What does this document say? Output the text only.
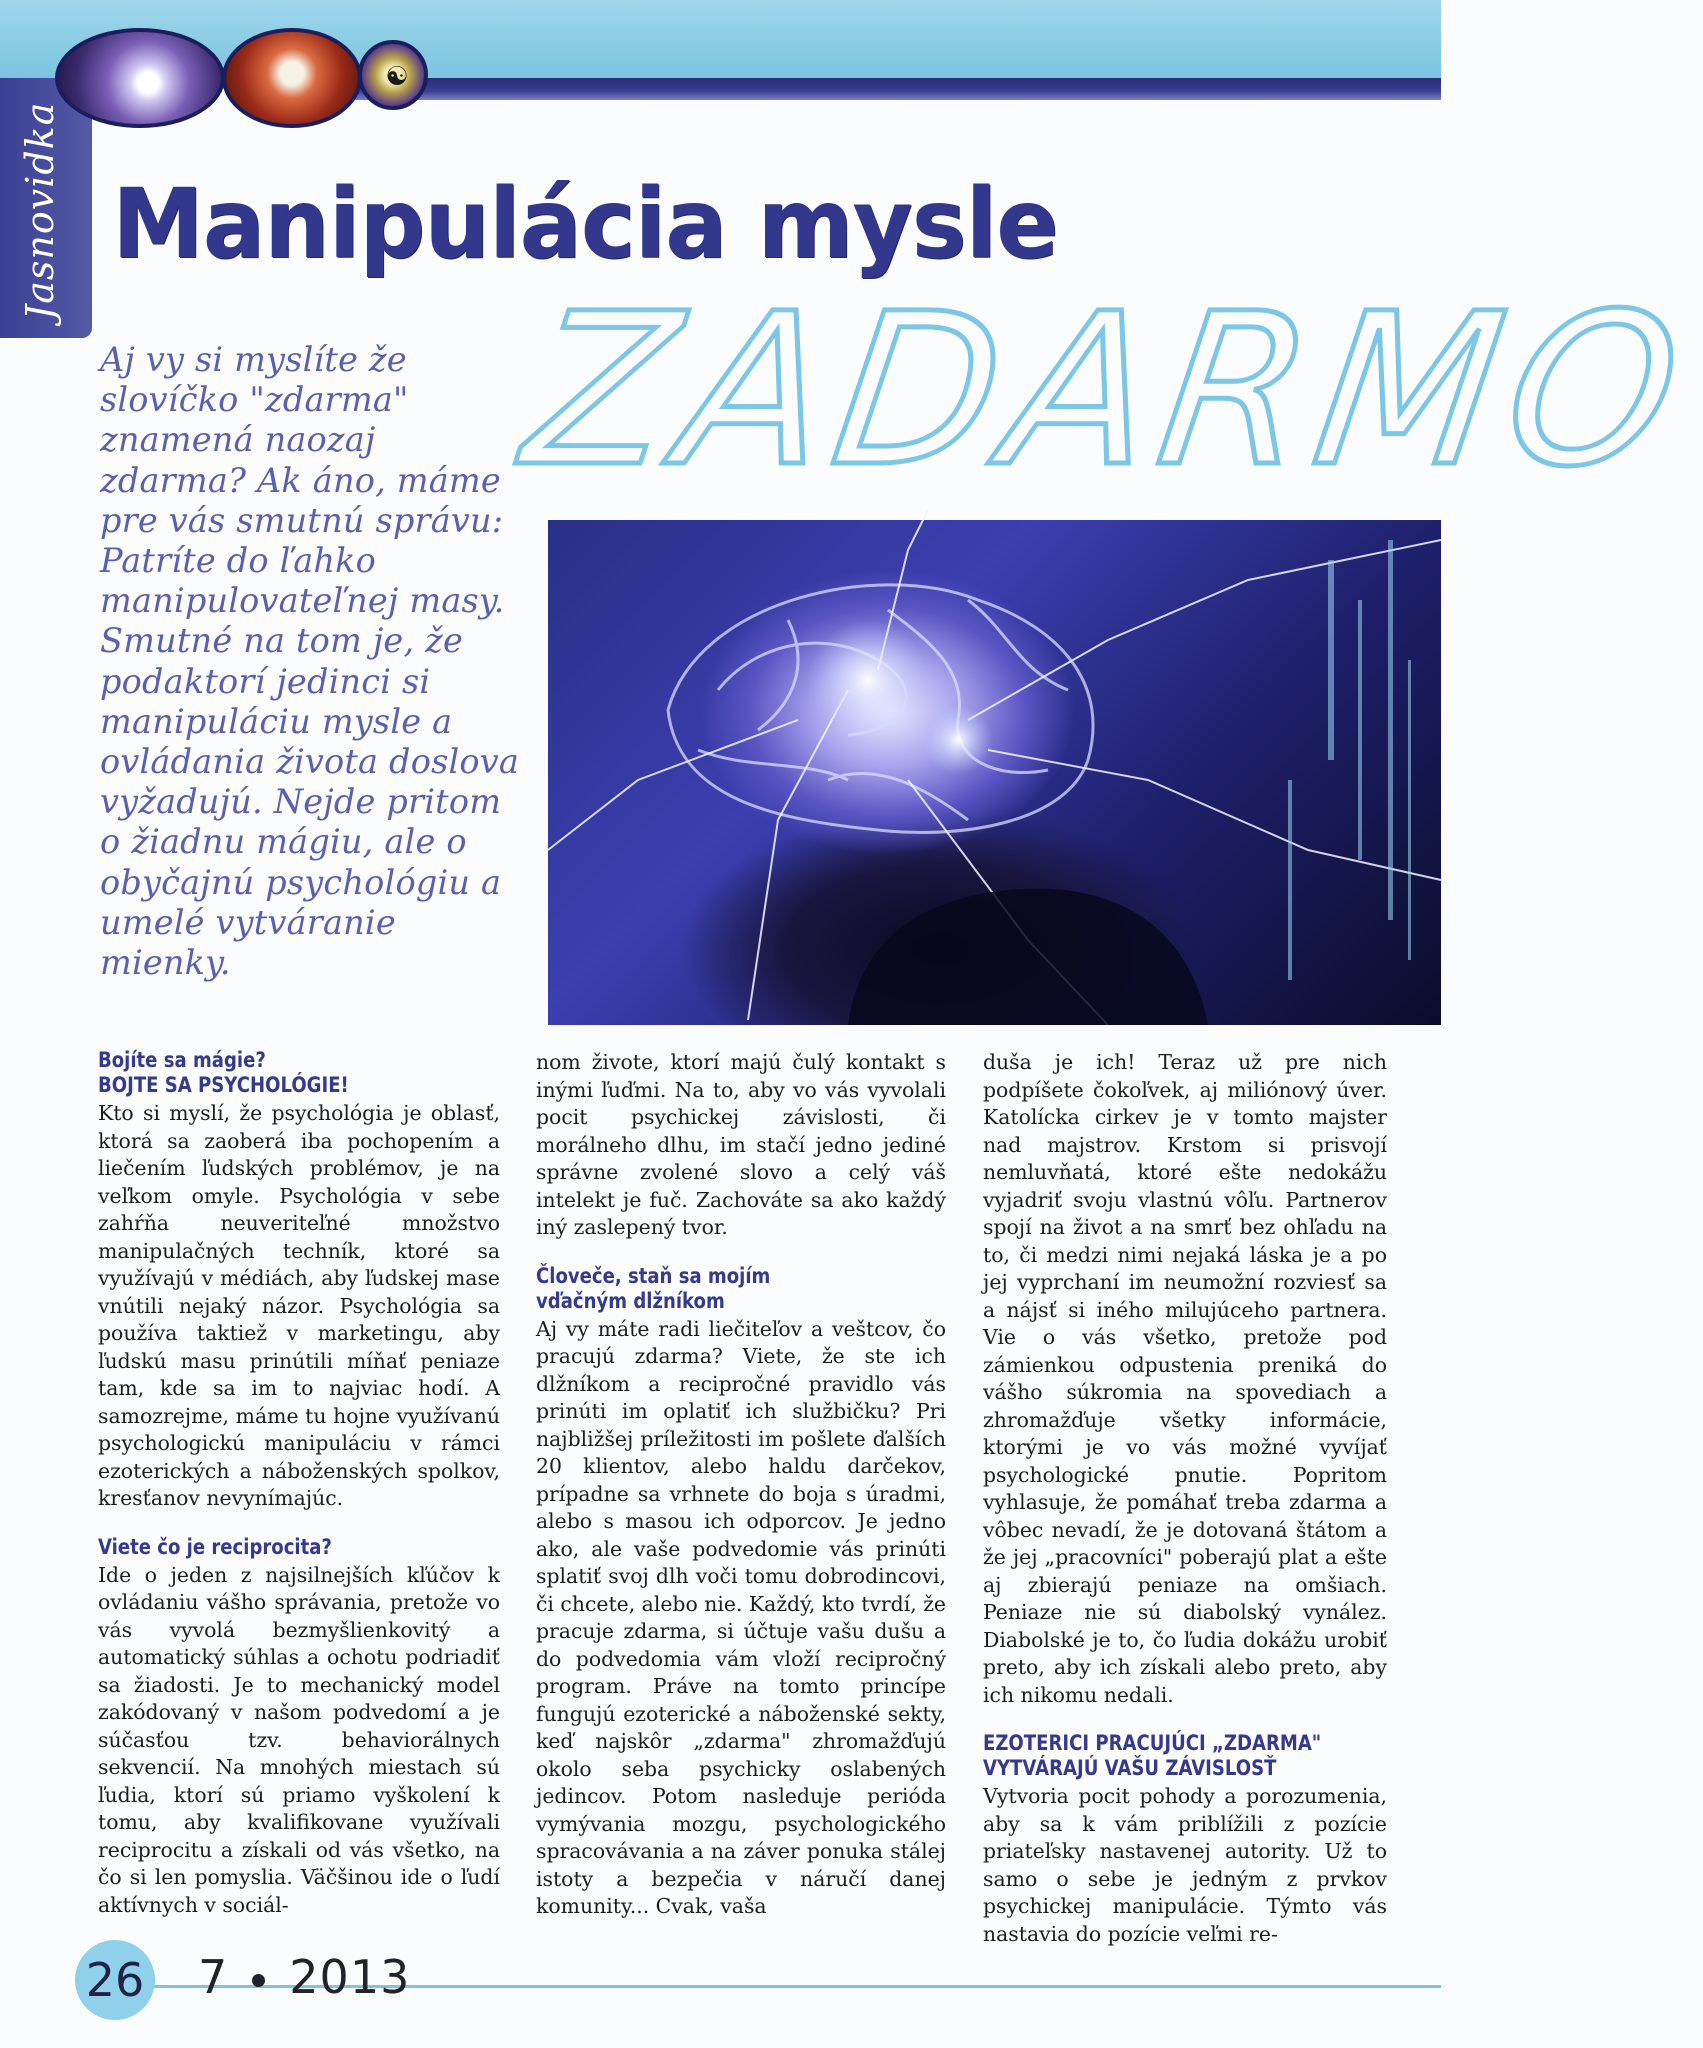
Jasnovidka
☯
Manipulácia mysle
ZADARMO

Aj vy si myslíte že slovíčko "zdarma" znamená naozaj zdarma? Ak áno, máme pre vás smutnú správu: Patríte do ľahko manipulovateľnej masy. Smutné na tom je, že podaktorí jedinci si manipuláciu mysle a ovládania života doslova vyžadujú. Nejde pritom o žiadnu mágiu, ale o obyčajnú psychológiu a umelé vytváranie mienky.

Bojíte sa mágie?
BOJTE SA PSYCHOLÓGIE!

Kto si myslí, že psychológia je oblasť, ktorá sa zaoberá iba pochopením a liečením ľudských problémov, je na veľkom omyle. Psychológia v sebe zahŕňa neuveriteľné množstvo manipulačných techník, ktoré sa využívajú v médiách, aby ľudskej mase vnútili nejaký názor. Psychológia sa používa taktiež v marketingu, aby ľudskú masu prinútili míňať peniaze tam, kde sa im to najviac hodí. A samozrejme, máme tu hojne využívanú psychologickú manipuláciu v rámci ezoterických a náboženských spolkov, kresťanov nevynímajúc.

Viete čo je reciprocita?

Ide o jeden z najsilnejších kľúčov k ovládaniu vášho správania, pretože vo vás vyvolá bezmyšlienkovitý a automatický súhlas a ochotu podriadiť sa žiadosti. Je to mechanický model zakódovaný v našom podvedomí a je súčasťou tzv. behaviorálnych sekvencií. Na mnohých miestach sú ľudia, ktorí sú priamo vyškolení k tomu, aby kvalifikovane využívali reciprocitu a získali od vás všetko, na čo si len pomyslia. Väčšinou ide o ľudí aktívnych v sociál-

nom živote, ktorí majú čulý kontakt s inými ľuďmi. Na to, aby vo vás vyvolali pocit psychickej závislosti, či morálneho dlhu, im stačí jedno jediné správne zvolené slovo a celý váš intelekt je fuč. Zachováte sa ako každý iný zaslepený tvor.

Človeče, staň sa mojím
vďačným dlžníkom

Aj vy máte radi liečiteľov a veštcov, čo pracujú zdarma? Viete, že ste ich dlžníkom a recipročné pravidlo vás prinúti im oplatiť ich službičku? Pri najbližšej príležitosti im pošlete ďalších 20 klientov, alebo haldu darčekov, prípadne sa vrhnete do boja s úradmi, alebo s masou ich odporcov. Je jedno ako, ale vaše podvedomie vás prinúti splatiť svoj dlh voči tomu dobrodincovi, či chcete, alebo nie. Každý, kto tvrdí, že pracuje zdarma, si účtuje vašu dušu a do podvedomia vám vloží recipročný program. Práve na tomto princípe fungujú ezoterické a náboženské sekty, keď najskôr „zdarma" zhromažďujú okolo seba psychicky oslabených jedincov. Potom nasleduje perióda vymývania mozgu, psychologického spracovávania a na záver ponuka stálej istoty a bezpečia v náručí danej komunity... Cvak, vaša

duša je ich! Teraz už pre nich podpíšete čokoľvek, aj miliónový úver. Katolícka cirkev je v tomto majster nad majstrov. Krstom si prisvojí nemluvňatá, ktoré ešte nedokážu vyjadriť svoju vlastnú vôľu. Partnerov spojí na život a na smrť bez ohľadu na to, či medzi nimi nejaká láska je a po jej vyprchaní im neumožní rozviesť sa a nájsť si iného milujúceho partnera. Vie o vás všetko, pretože pod zámienkou odpustenia preniká do vášho súkromia na spovediach a zhromažďuje všetky informácie, ktorými je vo vás možné vyvíjať psychologické pnutie. Popritom vyhlasuje, že pomáhať treba zdarma a vôbec nevadí, že je dotovaná štátom a že jej „pracovníci" poberajú plat a ešte aj zbierajú peniaze na omšiach. Peniaze nie sú diabolský vynález. Diabolské je to, čo ľudia dokážu urobiť preto, aby ich získali alebo preto, aby ich nikomu nedali.

EZOTERICI PRACUJÚCI „ZDARMA"
VYTVÁRAJÚ VAŠU ZÁVISLOSŤ

Vytvoria pocit pohody a porozumenia, aby sa k vám priblížili z pozície priateľsky nastavenej autority. Už to samo o sebe je jedným z prvkov psychickej manipulácie. Týmto vás nastavia do pozície veľmi re-

26 7 2013
